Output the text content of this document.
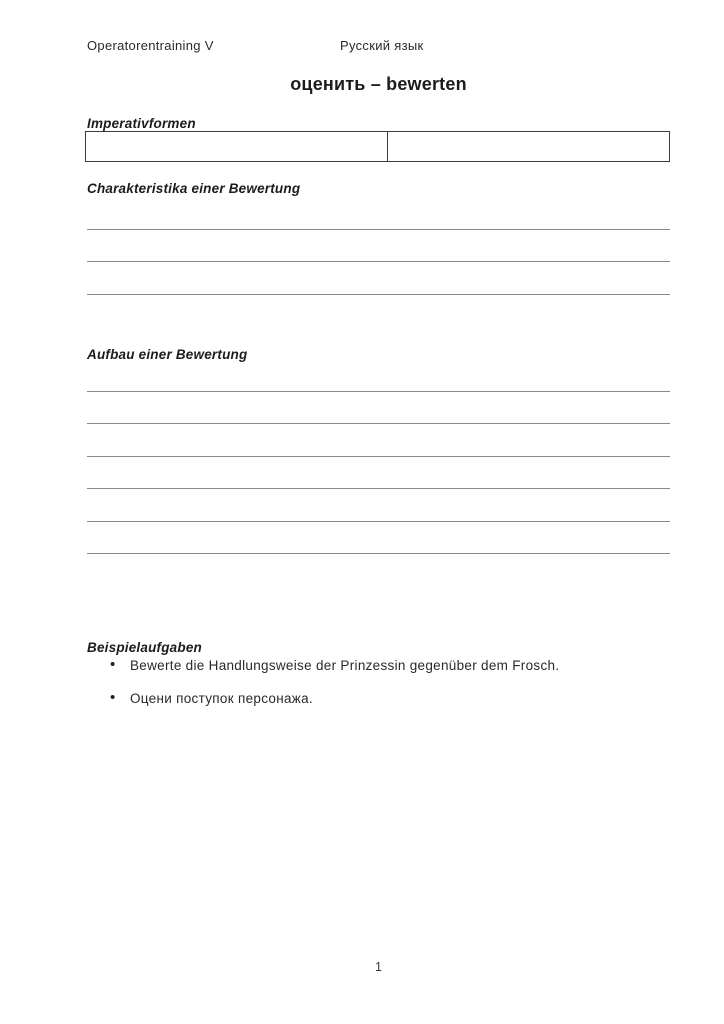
Operatorentraining V	Русский язык
оценить – bewerten
Imperativformen
Charakteristika einer Bewertung
Aufbau einer Bewertung
Beispielaufgaben
• Bewerte die Handlungsweise der Prinzessin gegenüber dem Frosch.
• Оцени поступок персонажа.
1
